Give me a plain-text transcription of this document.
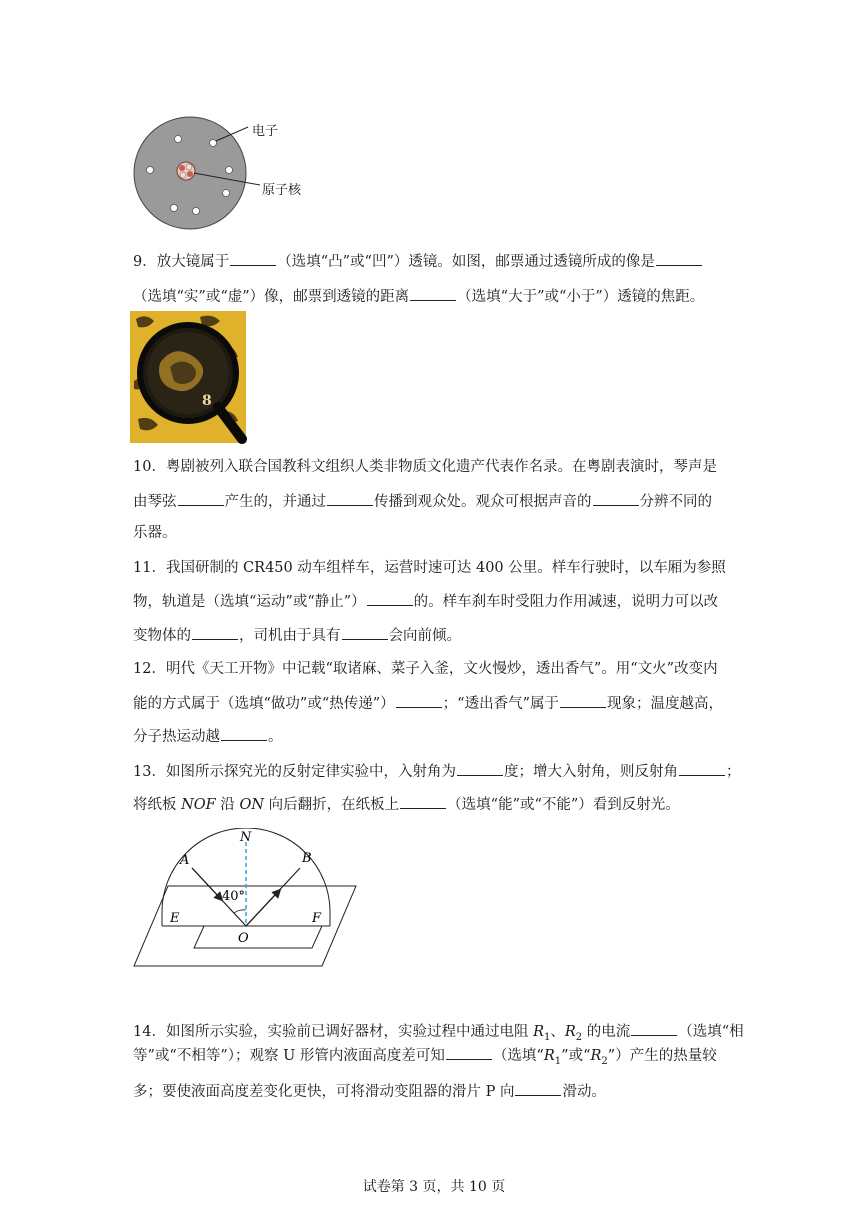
电子
原子核
9．放大镜属于	（选填“凸”或“凹”）透镜。如图，邮票通过透镜所成的像是
（选填“实”或“虚”）像，邮票到透镜的距离	（选填“大于”或“小于”）透镜的焦距。
8
10．粤剧被列入联合国教科文组织人类非物质文化遗产代表作名录。在粤剧表演时，琴声是
由琴弦	产生的，并通过	传播到观众处。观众可根据声音的	分辨不同的
乐器。
11．我国研制的 CR450 动车组样车，运营时速可达 400 公里。样车行驶时，以车厢为参照
物，轨道是（选填“运动”或“静止”）	的。样车刹车时受阻力作用减速，说明力可以改
变物体的	，司机由于具有	会向前倾。
12．明代《天工开物》中记载“取诸麻、菜子入釜，文火慢炒，透出香气”。用“文火”改变内
能的方式属于（选填“做功”或“热传递”）	；“透出香气”属于	现象；温度越高，
分子热运动越	。
13．如图所示探究光的反射定律实验中，入射角为	度；增大入射角，则反射角	；
将纸板 NOF 沿 ON 向后翻折，在纸板上	（选填“能”或“不能”）看到反射光。
N
A	B
E	F
O
40°
14．如图所示实验，实验前已调好器材，实验过程中通过电阻 $R_1$、$R_2$ 的电流	（选填“相
等”或“不相等”）；观察 U 形管内液面高度差可知	（选填“$R_1$”或“$R_2$”）产生的热量较
多；要使液面高度差变化更快，可将滑动变阻器的滑片 P 向	滑动。
试卷第 3 页，共 10 页
